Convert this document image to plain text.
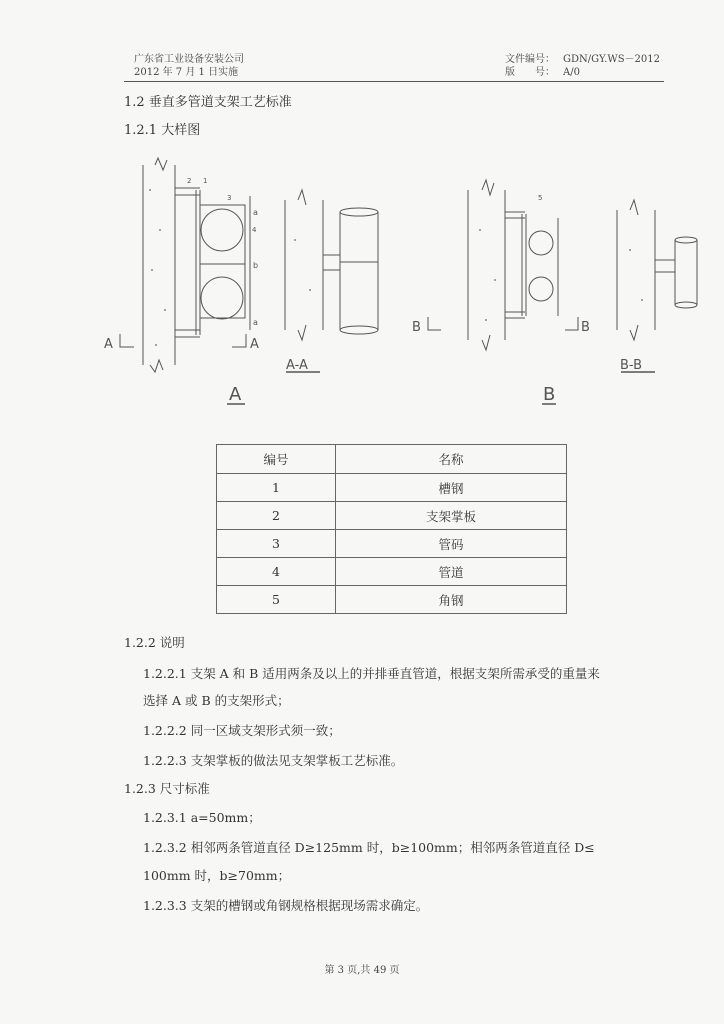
广东省工业设备安装公司
2012 年 7 月 1 日实施
文件编号： GDN/GY.WS－2012
版　　号： A/0
1.2 垂直多管道支架工艺标准
1.2.1 大样图
A	A
A-A
A
B	B
B-B
B
a
b
a
1
2
3
4
5
编号	名称
1	槽钢
2	支架掌板
3	管码
4	管道
5	角钢
1.2.2 说明
1.2.2.1 支架 A 和 B 适用两条及以上的并排垂直管道，根据支架所需承受的重量来
选择 A 或 B 的支架形式；
1.2.2.2 同一区域支架形式须一致；
1.2.2.3 支架掌板的做法见支架掌板工艺标准。
1.2.3 尺寸标准
1.2.3.1 a=50mm；
1.2.3.2 相邻两条管道直径 D≥125mm 时，b≥100mm；相邻两条管道直径 D≤
100mm 时，b≥70mm；
1.2.3.3 支架的槽钢或角钢规格根据现场需求确定。
第 3 页,共 49 页
